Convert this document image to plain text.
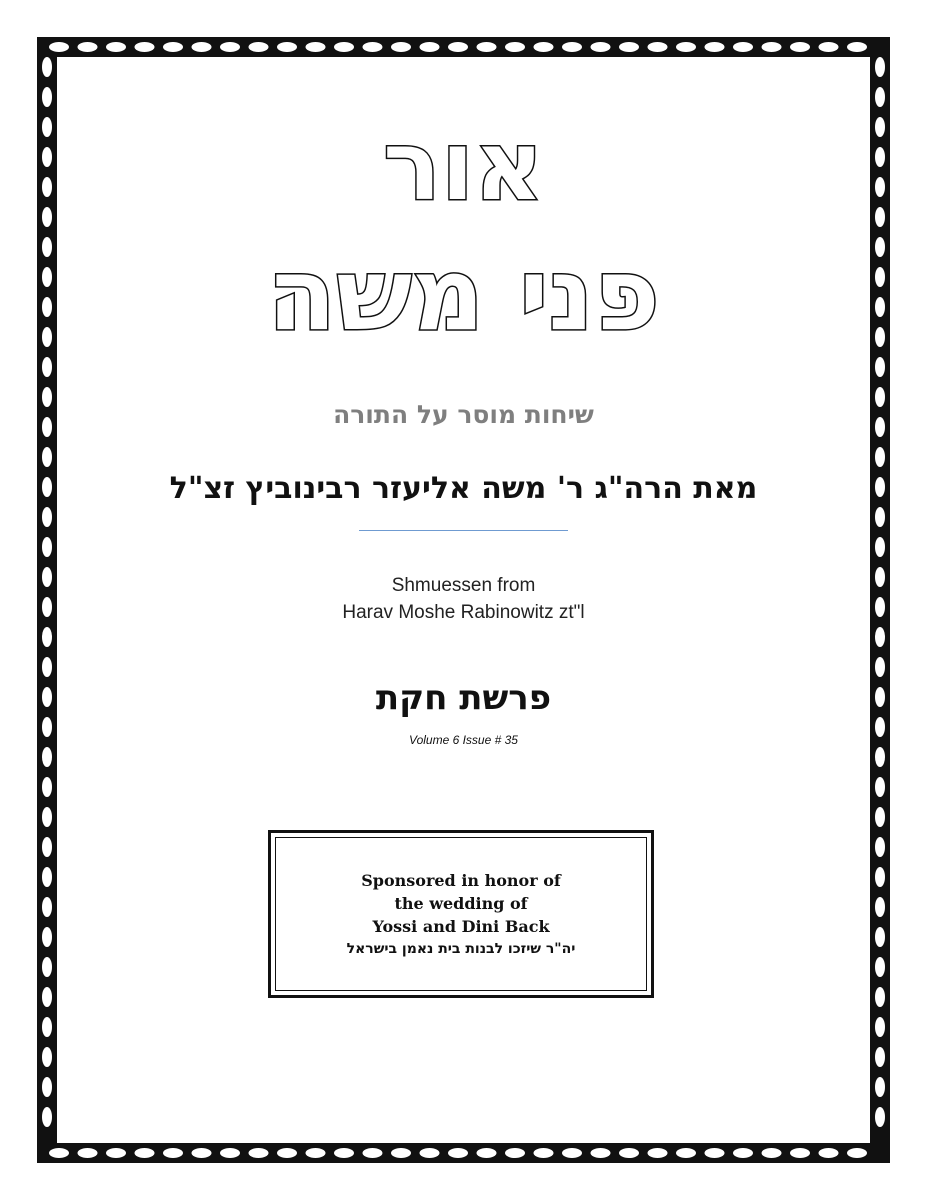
אור
פני משה
שיחות מוסר על התורה
מאת הרה"ג ר' משה אליעזר רבינוביץ זצ"ל
Shmuessen from
Harav Moshe Rabinowitz zt"l
פרשת חקת
Volume 6 Issue # 35
Sponsored in honor of
the wedding of
Yossi and Dini Back
יה"ר שיזכו לבנות בית נאמן בישראל
